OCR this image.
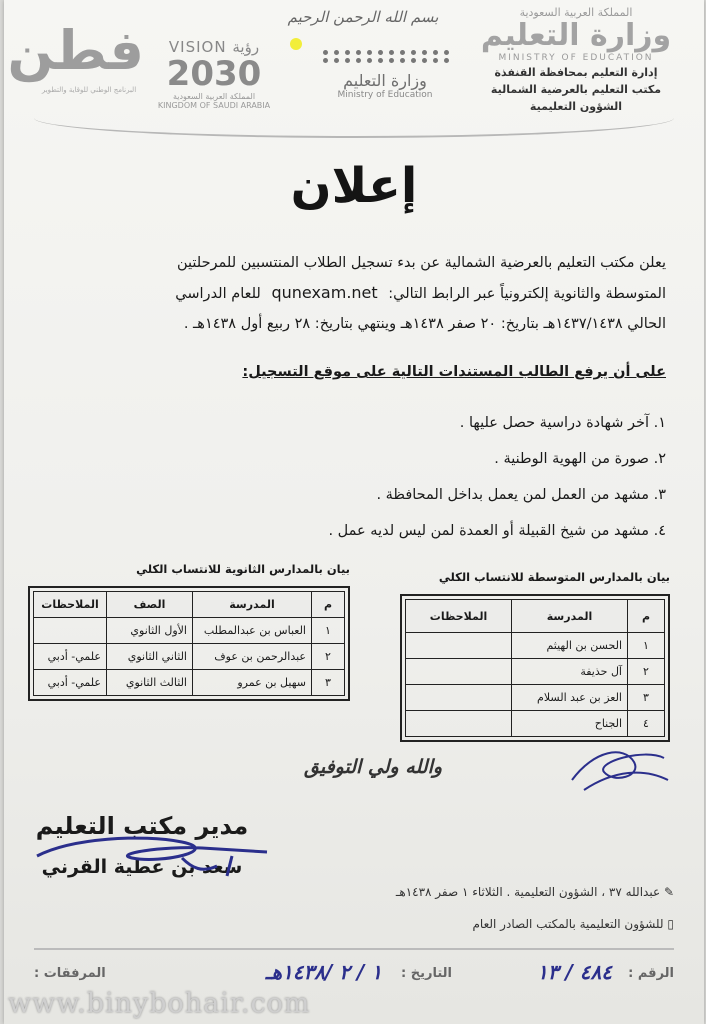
المملكة العربية السعودية
وزارة التعليم
MINISTRY OF EDUCATION
إدارة التعليم بمحافظة القنفذة
مكتب التعليم بالعرضية الشمالية
الشؤون التعليمية
بسم الله الرحمن الرحيم
وزارة التعليم
Ministry of Education
VISION رؤية
2030
المملكة العربية السعودية
KINGDOM OF SAUDI ARABIA
فطن
البرنامج الوطني للوقاية والتطوير
إعلان
يعلن مكتب التعليم بالعرضية الشمالية عن بدء تسجيل الطلاب المنتسبين للمرحلتين
المتوسطة والثانوية إلكترونياً عبر الرابط التالي: qunexam.net للعام الدراسي
الحالي ١٤٣٧/١٤٣٨هـ بتاريخ: ٢٠ صفر ١٤٣٨هـ وينتهي بتاريخ: ٢٨ ربيع أول ١٤٣٨هـ .
على أن يرفع الطالب المستندات التالية على موقع التسجيل:
١. آخر شهادة دراسية حصل عليها .
٢. صورة من الهوية الوطنية .
٣. مشهد من العمل لمن يعمل بداخل المحافظة .
٤. مشهد من شيخ القبيلة أو العمدة لمن ليس لديه عمل .
بيان بالمدارس الثانوية للانتساب الكلي
م	المدرسة	الصف	الملاحظات
١	العباس بن عبدالمطلب	الأول الثانوي	
٢	عبدالرحمن بن عوف	الثاني الثانوي	علمي- أدبي
٣	سهيل بن عمرو	الثالث الثانوي	علمي- أدبي
بيان بالمدارس المتوسطة للانتساب الكلي
م	المدرسة	الملاحظات
١	الحسن بن الهيثم	
٢	آل حذيفة	
٣	العز بن عبد السلام	
٤	الجناح	
والله ولي التوفيق
مدير مكتب التعليم
سعد بن عطية القرني
✎ عبدالله ٣٧ ، الشؤون التعليمية . الثلاثاء ١ صفر ١٤٣٨هـ
▯ للشؤون التعليمية بالمكتب الصادر العام
الرقم :
٤٨٤ / ١٣
التاريخ :
١ / ٢ /١٤٣٨هـ
المرفقات :
www.binybohair.com
